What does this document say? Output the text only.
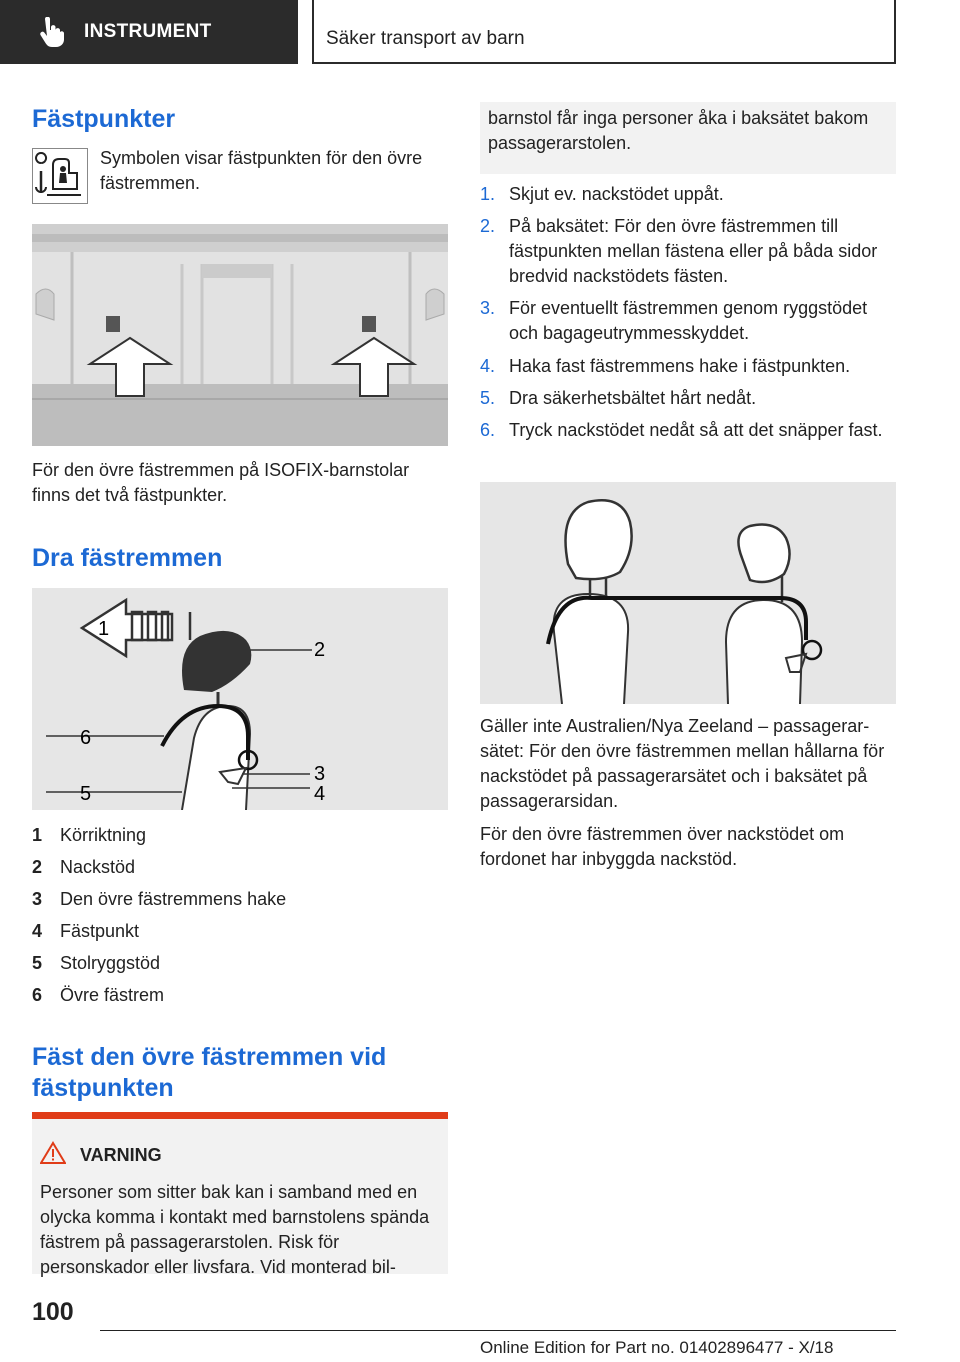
INSTRUMENT	Säker transport av barn
Fästpunkter

Symbolen visar fästpunkten för den övre fästremmen.

För den övre fästremmen på ISOFIX-barnstolar finns det två fästpunkter.

Dra fästremmen
1
2
3
4
5
6
1 Körriktning
2 Nackstöd
3 Den övre fästremmens hake
4 Fästpunkt
5 Stolryggstöd
6 Övre fästrem
Fäst den övre fästremmen vid fästpunkten
VARNING

Personer som sitter bak kan i samband med en olycka komma i kontakt med barnstolens spända fästrem på passagerarstolen. Risk för personskador eller livsfara. Vid monterad bil-

barnstol får inga personer åka i baksätet bakom passagerarstolen.
1. Skjut ev. nackstödet uppåt.
2. På baksätet: För den övre fästremmen till fästpunkten mellan fästena eller på båda sidor bredvid nackstödets fästen.
3. För eventuellt fästremmen genom ryggstödet och bagageutrymmesskyddet.
4. Haka fast fästremmens hake i fästpunkten.
5. Dra säkerhetsbältet hårt nedåt.
6. Tryck nackstödet nedåt så att det snäpper fast.

Gäller inte Australien/Nya Zeeland – passagerarsätet: För den övre fästremmen mellan hållarna för nackstödet på passagerarsätet och i baksätet på passagerarsidan.

För den övre fästremmen över nackstödet om fordonet har inbyggda nackstöd.

100
Online Edition for Part no. 01402896477 - X/18
